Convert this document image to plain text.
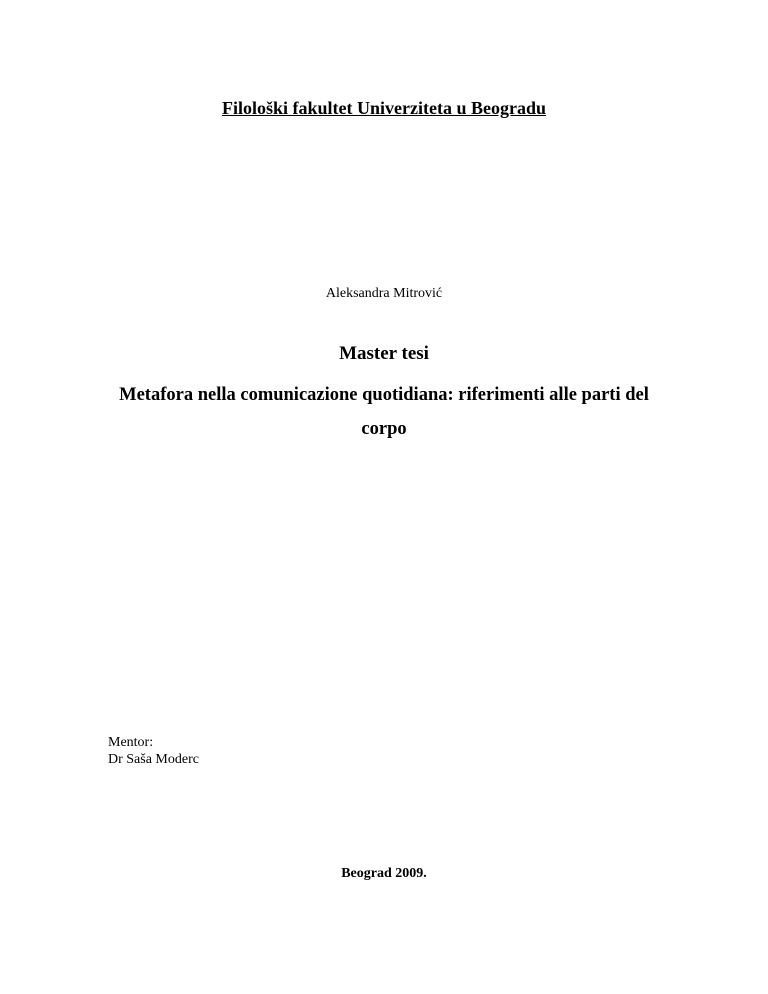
Filološki fakultet Univerziteta u Beogradu
Aleksandra Mitrović
Master tesi
Metafora nella comunicazione quotidiana: riferimenti alle parti del corpo
Mentor:
Dr Saša Moderc
Beograd 2009.
